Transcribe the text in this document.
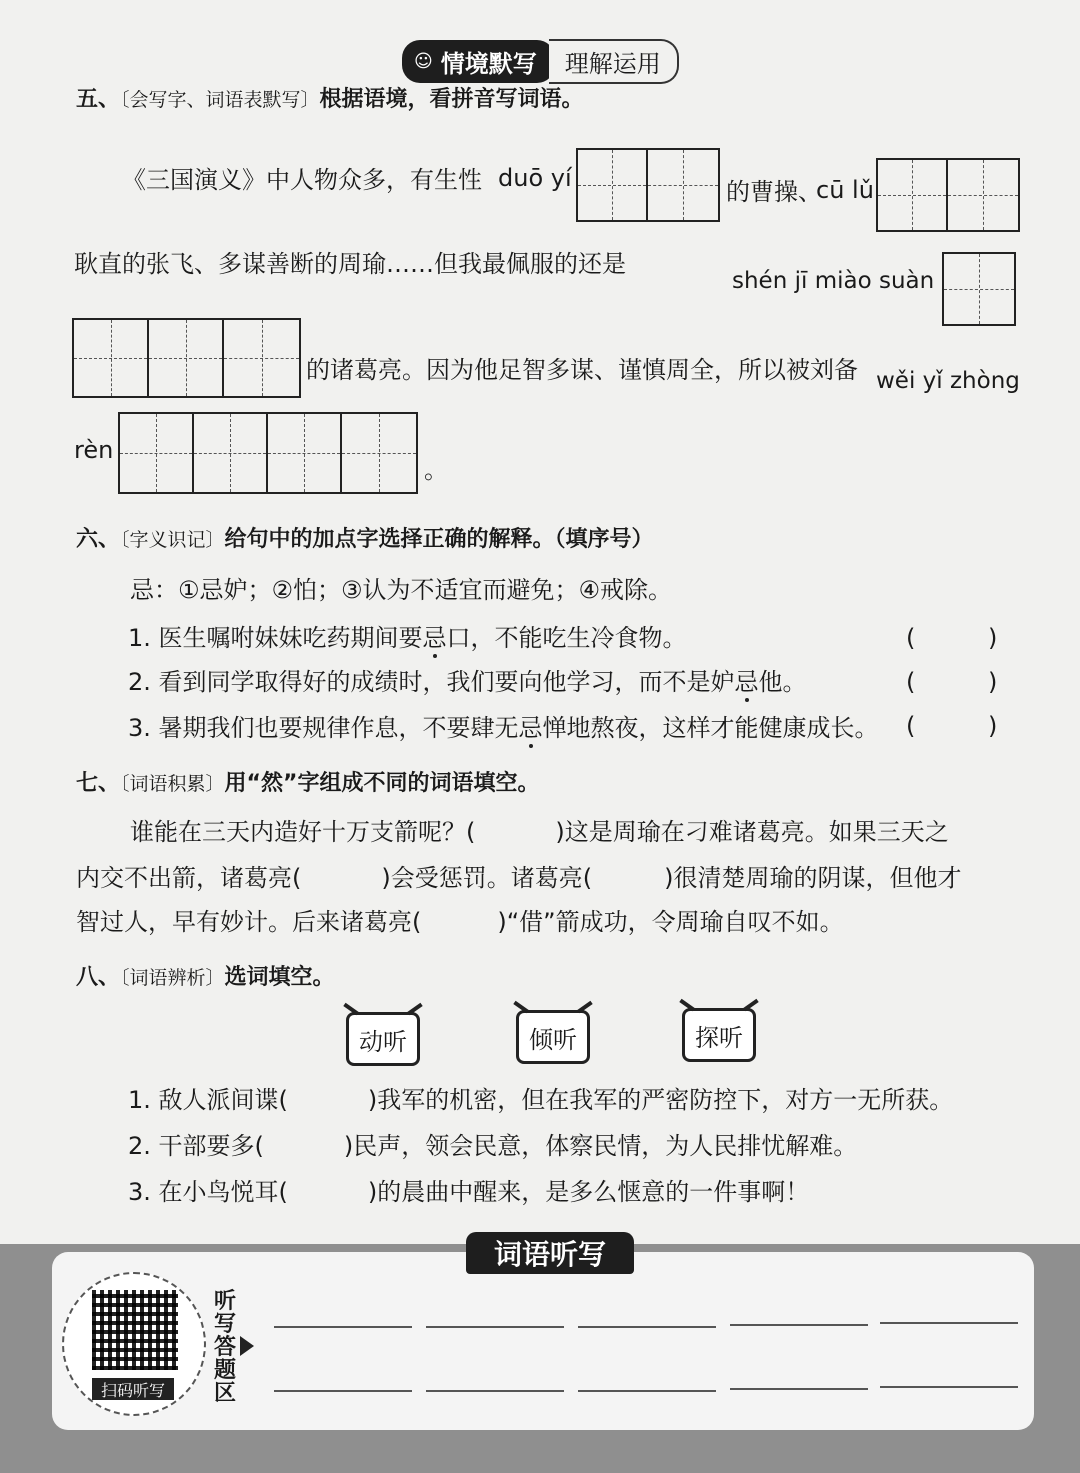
☺ 情境默写	理解运用
五、〔会写字、词语表默写〕根据语境，看拼音写词语。
《三国演义》中人物众多，有生性 duō yí	的曹操、
cū lǔ
耿直的张飞、多谋善断的周瑜……但我最佩服的还是
shén jī miào suàn
的诸葛亮。因为他足智多谋、谨慎周全，所以被刘备 wěi yǐ zhòng
rèn
。
六、〔字义识记〕给句中的加点字选择正确的解释。（填序号）
忌：①忌妒；②怕；③认为不适宜而避免；④戒除。
1. 医生嘱咐妹妹吃药期间要忌口，不能吃生冷食物。	(	)
2. 看到同学取得好的成绩时，我们要向他学习，而不是妒忌他。	(	)
3. 暑期我们也要规律作息，不要肆无忌惮地熬夜，这样才能健康成长。 (	)
七、〔词语积累〕用“然”字组成不同的词语填空。
谁能在三天内造好十万支箭呢？(	)这是周瑜在刁难诸葛亮。如果三天之
内交不出箭，诸葛亮(	)会受惩罚。诸葛亮(	)很清楚周瑜的阴谋，但他才
智过人，早有妙计。后来诸葛亮(	)“借”箭成功，令周瑜自叹不如。
八、〔词语辨析〕选词填空。
动听	倾听	探听
1. 敌人派间谍(	)我军的机密，但在我军的严密防控下，对方一无所获。
2. 干部要多(	)民声，领会民意，体察民情，为人民排忧解难。
3. 在小鸟悦耳(	)的晨曲中醒来，是多么惬意的一件事啊！
词语听写
扫码听写
听写答题区
